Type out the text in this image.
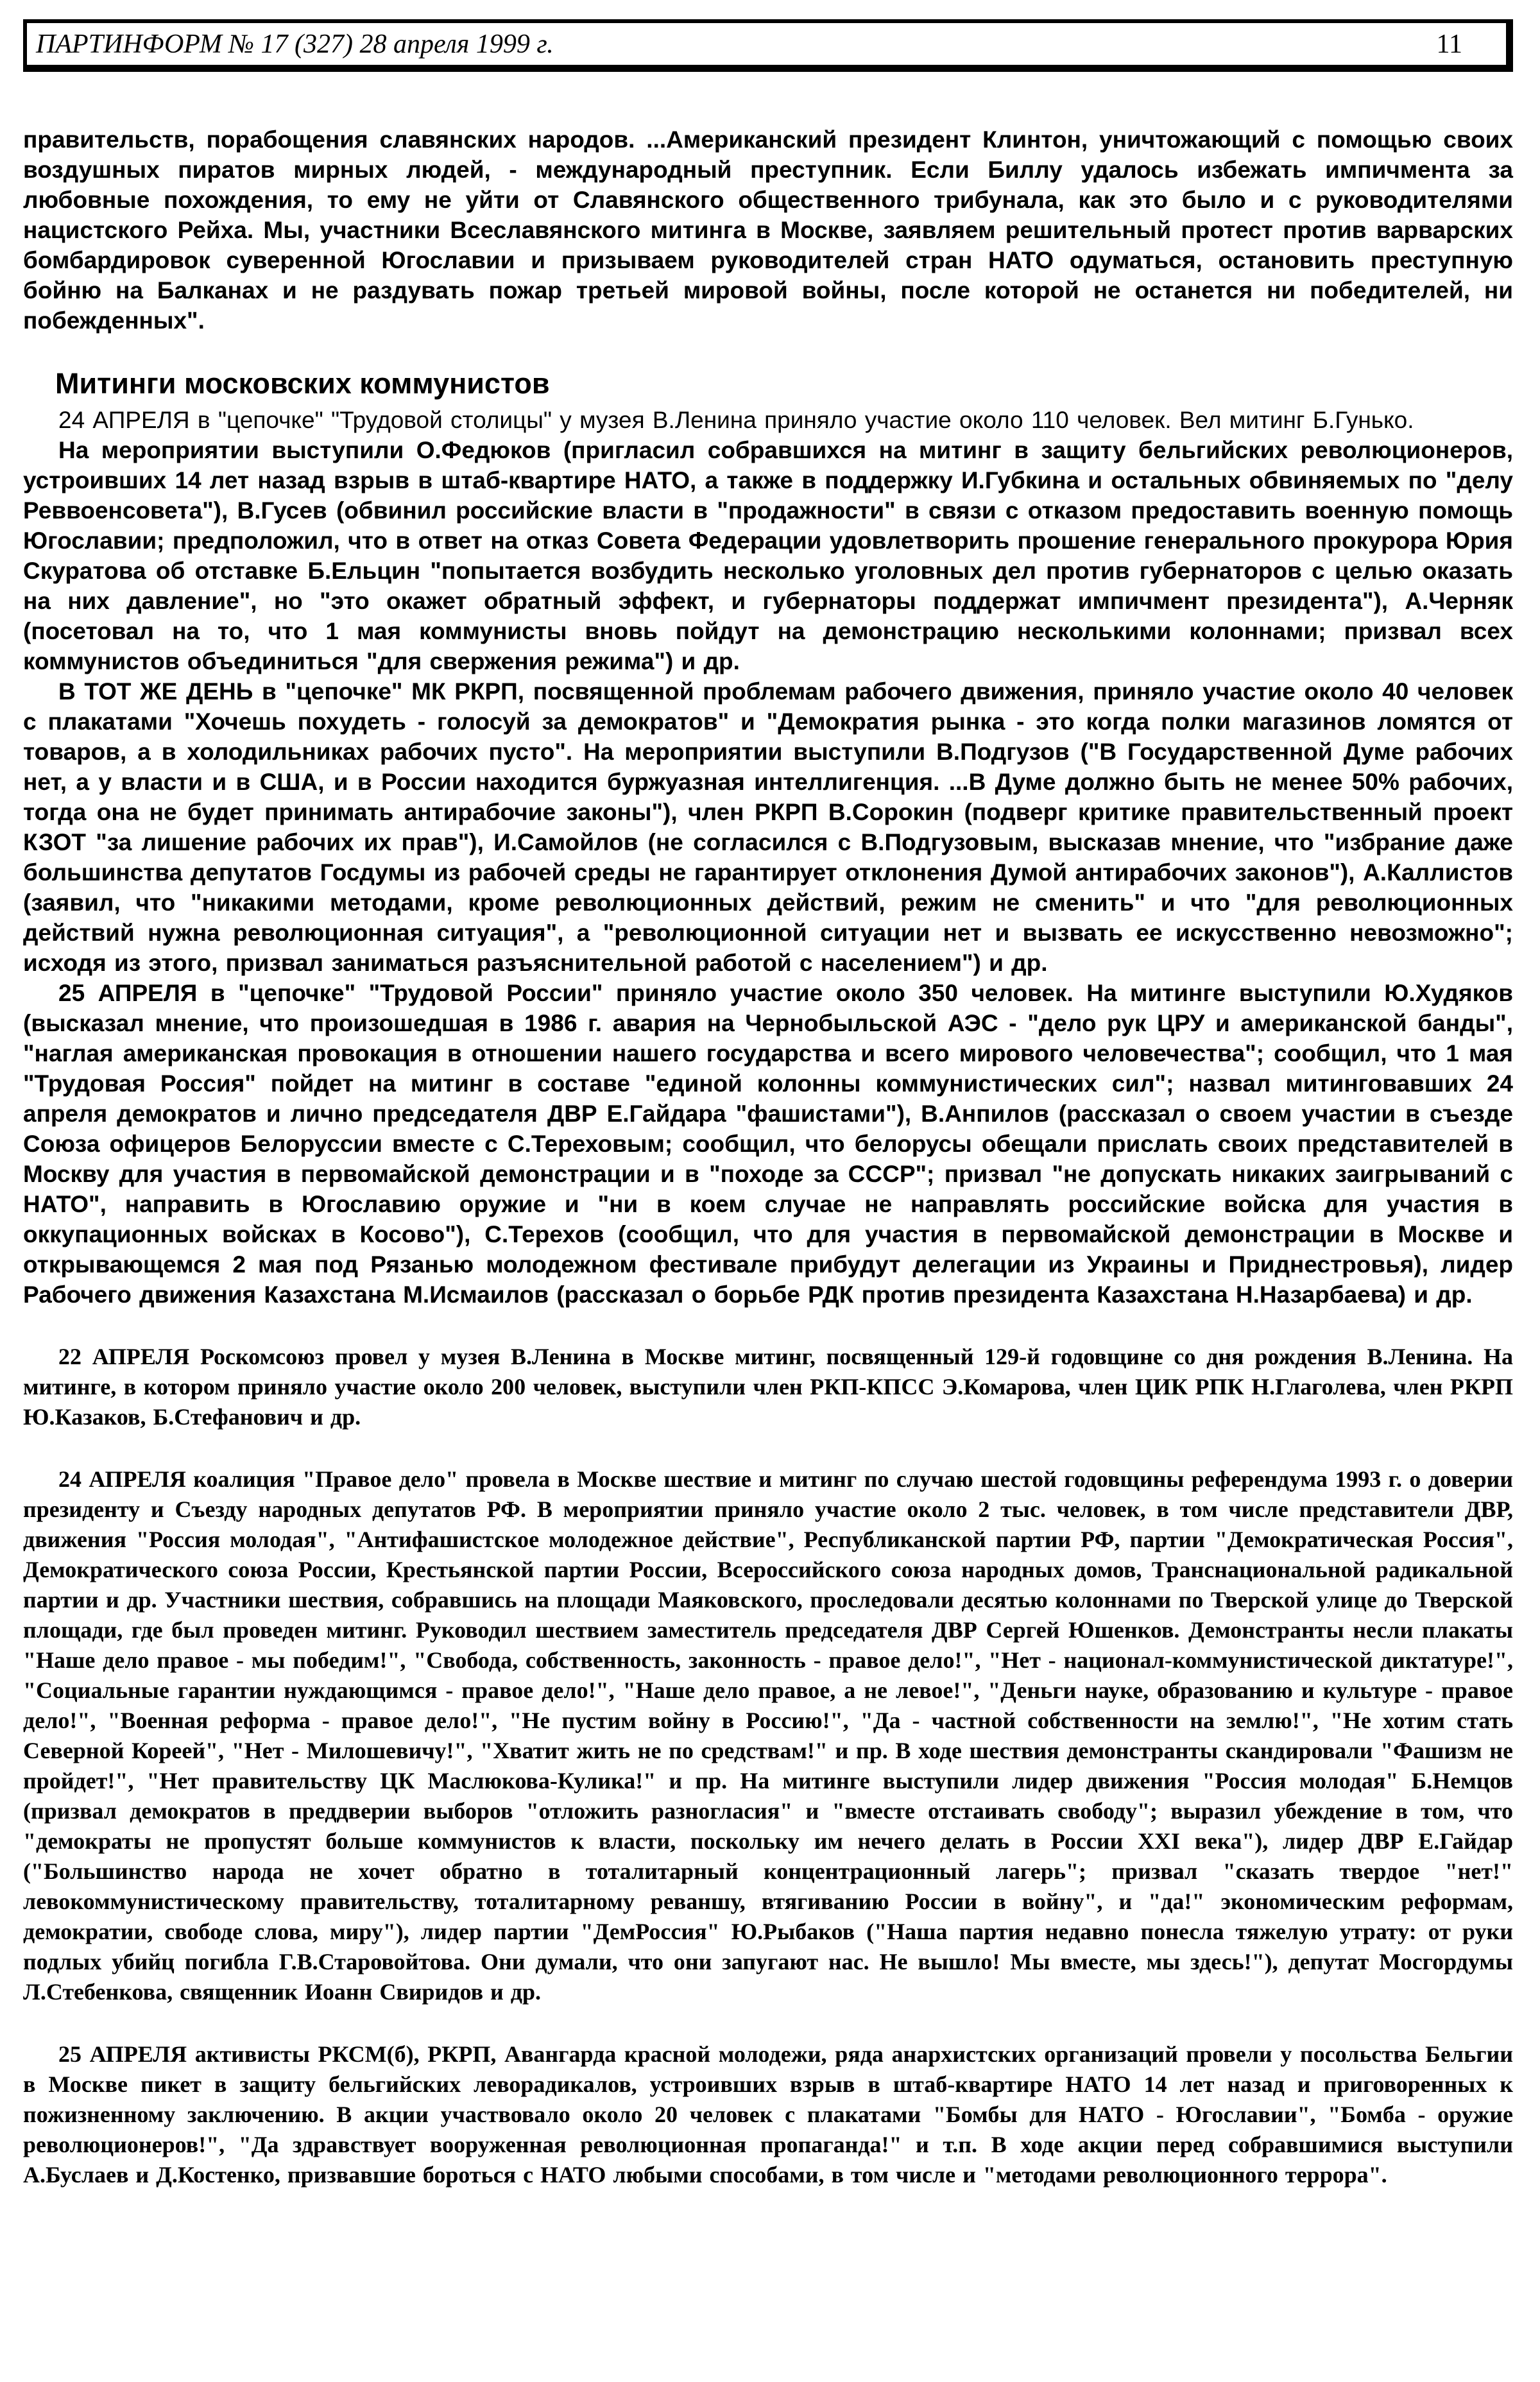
ПАРТИНФОРМ № 17 (327) 28 апреля 1999 г.	11

правительств, порабощения славянских народов. ...Американский президент Клинтон, уничтожающий с помощью своих воздушных пиратов мирных людей, - международный преступник. Если Биллу удалось избежать импичмента за любовные похождения, то ему не уйти от Славянского общественного трибунала, как это было и с руководителями нацистского Рейха. Мы, участники Всеславянского митинга в Москве, заявляем решительный протест против варварских бомбардировок суверенной Югославии и призываем руководителей стран НАТО одуматься, остановить преступную бойню на Балканах и не раздувать пожар третьей мировой войны, после которой не останется ни победителей, ни побежденных".

Митинги московских коммунистов

24 АПРЕЛЯ в "цепочке" "Трудовой столицы" у музея В.Ленина приняло участие около 110 человек. Вел митинг Б.Гунько.

На мероприятии выступили О.Федюков (пригласил собравшихся на митинг в защиту бельгийских революционеров, устроивших 14 лет назад взрыв в штаб-квартире НАТО, а также в поддержку И.Губкина и остальных обвиняемых по "делу Реввоенсовета"), В.Гусев (обвинил российские власти в "продажности" в связи с отказом предоставить военную помощь Югославии; предположил, что в ответ на отказ Совета Федерации удовлетворить прошение генерального прокурора Юрия Скуратова об отставке Б.Ельцин "попытается возбудить несколько уголовных дел против губернаторов с целью оказать на них давление", но "это окажет обратный эффект, и губернаторы поддержат импичмент президента"), А.Черняк (посетовал на то, что 1 мая коммунисты вновь пойдут на демонстрацию несколькими колоннами; призвал всех коммунистов объединиться "для свержения режима") и др.

В ТОТ ЖЕ ДЕНЬ в "цепочке" МК РКРП, посвященной проблемам рабочего движения, приняло участие около 40 человек с плакатами "Хочешь похудеть - голосуй за демократов" и "Демократия рынка - это когда полки магазинов ломятся от товаров, а в холодильниках рабочих пусто". На мероприятии выступили В.Подгузов ("В Государственной Думе рабочих нет, а у власти и в США, и в России находится буржуазная интеллигенция. ...В Думе должно быть не менее 50% рабочих, тогда она не будет принимать антирабочие законы"), член РКРП В.Сорокин (подверг критике правительственный проект КЗОТ "за лишение рабочих их прав"), И.Самойлов (не согласился с В.Подгузовым, высказав мнение, что "избрание даже большинства депутатов Госдумы из рабочей среды не гарантирует отклонения Думой антирабочих законов"), А.Каллистов (заявил, что "никакими методами, кроме революционных действий, режим не сменить" и что "для революционных действий нужна революционная ситуация", а "революционной ситуации нет и вызвать ее искусственно невозможно"; исходя из этого, призвал заниматься разъяснительной работой с населением") и др.

25 АПРЕЛЯ в "цепочке" "Трудовой России" приняло участие около 350 человек. На митинге выступили Ю.Худяков (высказал мнение, что произошедшая в 1986 г. авария на Чернобыльской АЭС - "дело рук ЦРУ и американской банды", "наглая американская провокация в отношении нашего государства и всего мирового человечества"; сообщил, что 1 мая "Трудовая Россия" пойдет на митинг в составе "единой колонны коммунистических сил"; назвал митинговавших 24 апреля демократов и лично председателя ДВР Е.Гайдара "фашистами"), В.Анпилов (рассказал о своем участии в съезде Союза офицеров Белоруссии вместе с С.Тереховым; сообщил, что белорусы обещали прислать своих представителей в Москву для участия в первомайской демонстрации и в "походе за СССР"; призвал "не допускать никаких заигрываний с НАТО", направить в Югославию оружие и "ни в коем случае не направлять российские войска для участия в оккупационных войсках в Косово"), С.Терехов (сообщил, что для участия в первомайской демонстрации в Москве и открывающемся 2 мая под Рязанью молодежном фестивале прибудут делегации из Украины и Приднестровья), лидер Рабочего движения Казахстана М.Исмаилов (рассказал о борьбе РДК против президента Казахстана Н.Назарбаева) и др.

22 АПРЕЛЯ Роскомсоюз провел у музея В.Ленина в Москве митинг, посвященный 129-й годовщине со дня рождения В.Ленина. На митинге, в котором приняло участие около 200 человек, выступили член РКП-КПСС Э.Комарова, член ЦИК РПК Н.Глаголева, член РКРП Ю.Казаков, Б.Стефанович и др.

24 АПРЕЛЯ коалиция "Правое дело" провела в Москве шествие и митинг по случаю шестой годовщины референдума 1993 г. о доверии президенту и Съезду народных депутатов РФ. В мероприятии приняло участие около 2 тыс. человек, в том числе представители ДВР, движения "Россия молодая", "Антифашистское молодежное действие", Республиканской партии РФ, партии "Демократическая Россия", Демократического союза России, Крестьянской партии России, Всероссийского союза народных домов, Транснациональной радикальной партии и др. Участники шествия, собравшись на площади Маяковского, проследовали десятью колоннами по Тверской улице до Тверской площади, где был проведен митинг. Руководил шествием заместитель председателя ДВР Сергей Юшенков. Демонстранты несли плакаты "Наше дело правое - мы победим!", "Свобода, собственность, законность - правое дело!", "Нет - национал-коммунистической диктатуре!", "Социальные гарантии нуждающимся - правое дело!", "Наше дело правое, а не левое!", "Деньги науке, образованию и культуре - правое дело!", "Военная реформа - правое дело!", "Не пустим войну в Россию!", "Да - частной собственности на землю!", "Не хотим стать Северной Кореей", "Нет - Милошевичу!", "Хватит жить не по средствам!" и пр. В ходе шествия демонстранты скандировали "Фашизм не пройдет!", "Нет правительству ЦК Маслюкова-Кулика!" и пр. На митинге выступили лидер движения "Россия молодая" Б.Немцов (призвал демократов в преддверии выборов "отложить разногласия" и "вместе отстаивать свободу"; выразил убеждение в том, что "демократы не пропустят больше коммунистов к власти, поскольку им нечего делать в России XXI века"), лидер ДВР Е.Гайдар ("Большинство народа не хочет обратно в тоталитарный концентрационный лагерь"; призвал "сказать твердое "нет!" левокоммунистическому правительству, тоталитарному реваншу, втягиванию России в войну", и "да!" экономическим реформам, демократии, свободе слова, миру"), лидер партии "ДемРоссия" Ю.Рыбаков ("Наша партия недавно понесла тяжелую утрату: от руки подлых убийц погибла Г.В.Старовойтова. Они думали, что они запугают нас. Не вышло! Мы вместе, мы здесь!"), депутат Мосгордумы Л.Стебенкова, священник Иоанн Свиридов и др.

25 АПРЕЛЯ активисты РКСМ(б), РКРП, Авангарда красной молодежи, ряда анархистских организаций провели у посольства Бельгии в Москве пикет в защиту бельгийских леворадикалов, устроивших взрыв в штаб-квартире НАТО 14 лет назад и приговоренных к пожизненному заключению. В акции участвовало около 20 человек с плакатами "Бомбы для НАТО - Югославии", "Бомба - оружие революционеров!", "Да здравствует вооруженная революционная пропаганда!" и т.п. В ходе акции перед собравшимися выступили А.Буслаев и Д.Костенко, призвавшие бороться с НАТО любыми способами, в том числе и "методами революционного террора".
